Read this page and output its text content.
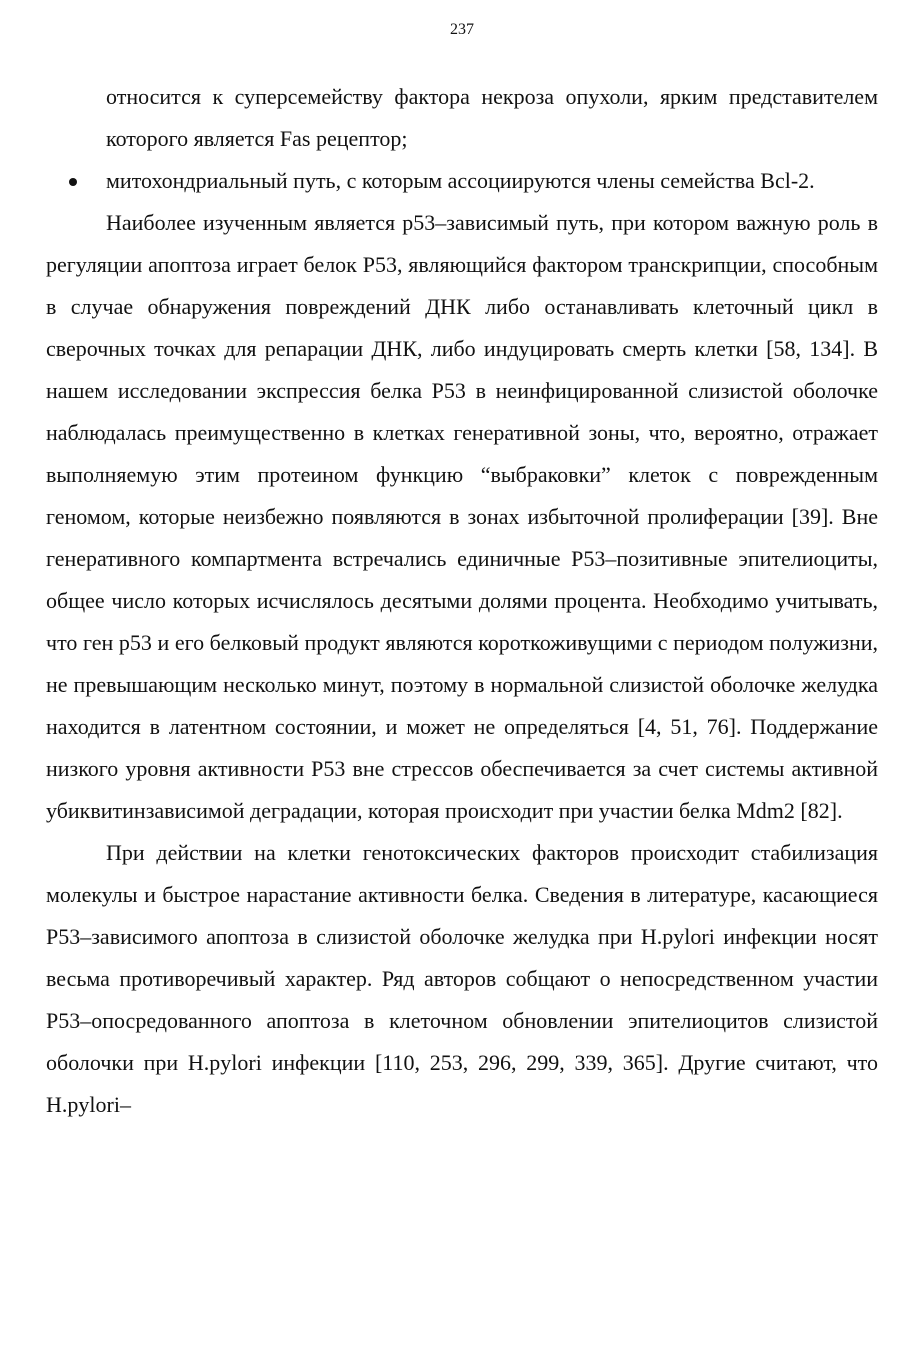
237

относится к суперсемейству фактора некроза опухоли, ярким представителем которого является Fas рецептор;

митохондриальный путь, с которым ассоциируются члены семейства Bcl-2.

Наиболее изученным является p53–зависимый путь, при котором важную роль в регуляции апоптоза играет белок P53, являющийся фактором транскрипции, способным в случае обнаружения повреждений ДНК либо останавливать клеточный цикл в сверочных точках для репарации ДНК, либо индуцировать смерть клетки [58, 134]. В нашем исследовании экспрессия белка P53 в неинфицированной слизистой оболочке наблюдалась преимущественно в клетках генеративной зоны, что, вероятно, отражает выполняемую этим протеином функцию “выбраковки” клеток с поврежденным геномом, которые неизбежно появляются в зонах избыточной пролиферации [39]. Вне генеративного компартмента встречались единичные P53–позитивные эпителиоциты, общее число которых исчислялось десятыми долями процента. Необходимо учитывать, что ген p53 и его белковый продукт являются короткоживущими с периодом полужизни, не превышающим несколько минут, поэтому в нормальной слизистой оболочке желудка находится в латентном состоянии, и может не определяться [4, 51, 76]. Поддержание низкого уровня активности P53 вне стрессов обеспечивается за счет системы активной убиквитинзависимой деградации, которая происходит при участии белка Mdm2 [82].

При действии на клетки генотоксических факторов происходит стабилизация молекулы и быстрое нарастание активности белка. Сведения в литературе, касающиеся P53–зависимого апоптоза в слизистой оболочке желудка при H.pylori инфекции носят весьма противоречивый характер. Ряд авторов собщают о непосредственном участии P53–опосредованного апоптоза в клеточном обновлении эпителиоцитов слизистой оболочки при H.pylori инфекции [110, 253, 296, 299, 339, 365]. Другие считают, что H.pylori–
